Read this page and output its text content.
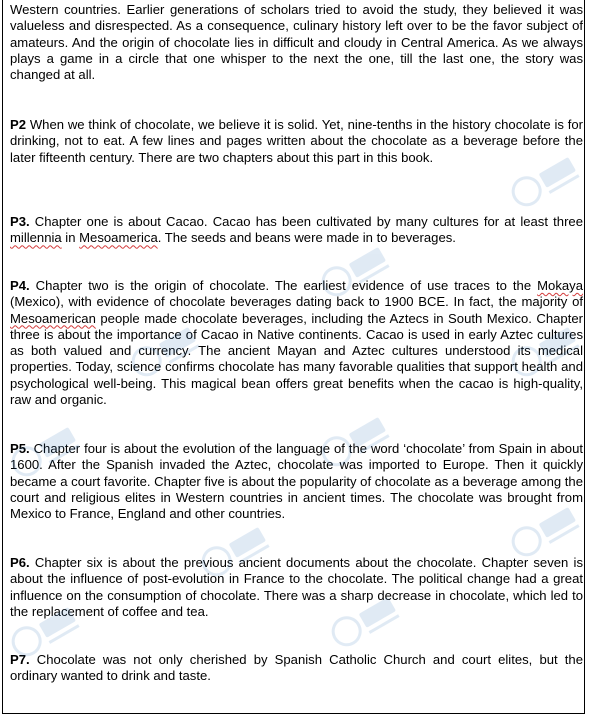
Western countries. Earlier generations of scholars tried to avoid the study, they believed it was valueless and disrespected. As a consequence, culinary history left over to be the favor subject of amateurs. And the origin of chocolate lies in difficult and cloudy in Central America. As we always plays a game in a circle that one whisper to the next the one, till the last one, the story was changed at all.

P2 When we think of chocolate, we believe it is solid. Yet, nine-tenths in the history chocolate is for drinking, not to eat. A few lines and pages written about the chocolate as a beverage before the later fifteenth century. There are two chapters about this part in this book.

P3. Chapter one is about Cacao. Cacao has been cultivated by many cultures for at least three millennia in Mesoamerica. The seeds and beans were made in to beverages.

P4. Chapter two is the origin of chocolate. The earliest evidence of use traces to the Mokaya (Mexico), with evidence of chocolate beverages dating back to 1900 BCE. In fact, the majority of Mesoamerican people made chocolate beverages, including the Aztecs in South Mexico. Chapter three is about the importance of Cacao in Native continents. Cacao is used in early Aztec cultures as both valued and currency. The ancient Mayan and Aztec cultures understood its medical properties. Today, science confirms chocolate has many favorable qualities that support health and psychological well-being. This magical bean offers great benefits when the cacao is high-quality, raw and organic.

P5. Chapter four is about the evolution of the language of the word ‘chocolate’ from Spain in about 1600. After the Spanish invaded the Aztec, chocolate was imported to Europe. Then it quickly became a court favorite. Chapter five is about the popularity of chocolate as a beverage among the court and religious elites in Western countries in ancient times. The chocolate was brought from Mexico to France, England and other countries.

P6. Chapter six is about the previous ancient documents about the chocolate. Chapter seven is about the influence of post-evolution in France to the chocolate. The political change had a great influence on the consumption of chocolate. There was a sharp decrease in chocolate, which led to the replacement of coffee and tea.

P7. Chocolate was not only cherished by Spanish Catholic Church and court elites, but the ordinary wanted to drink and taste.
